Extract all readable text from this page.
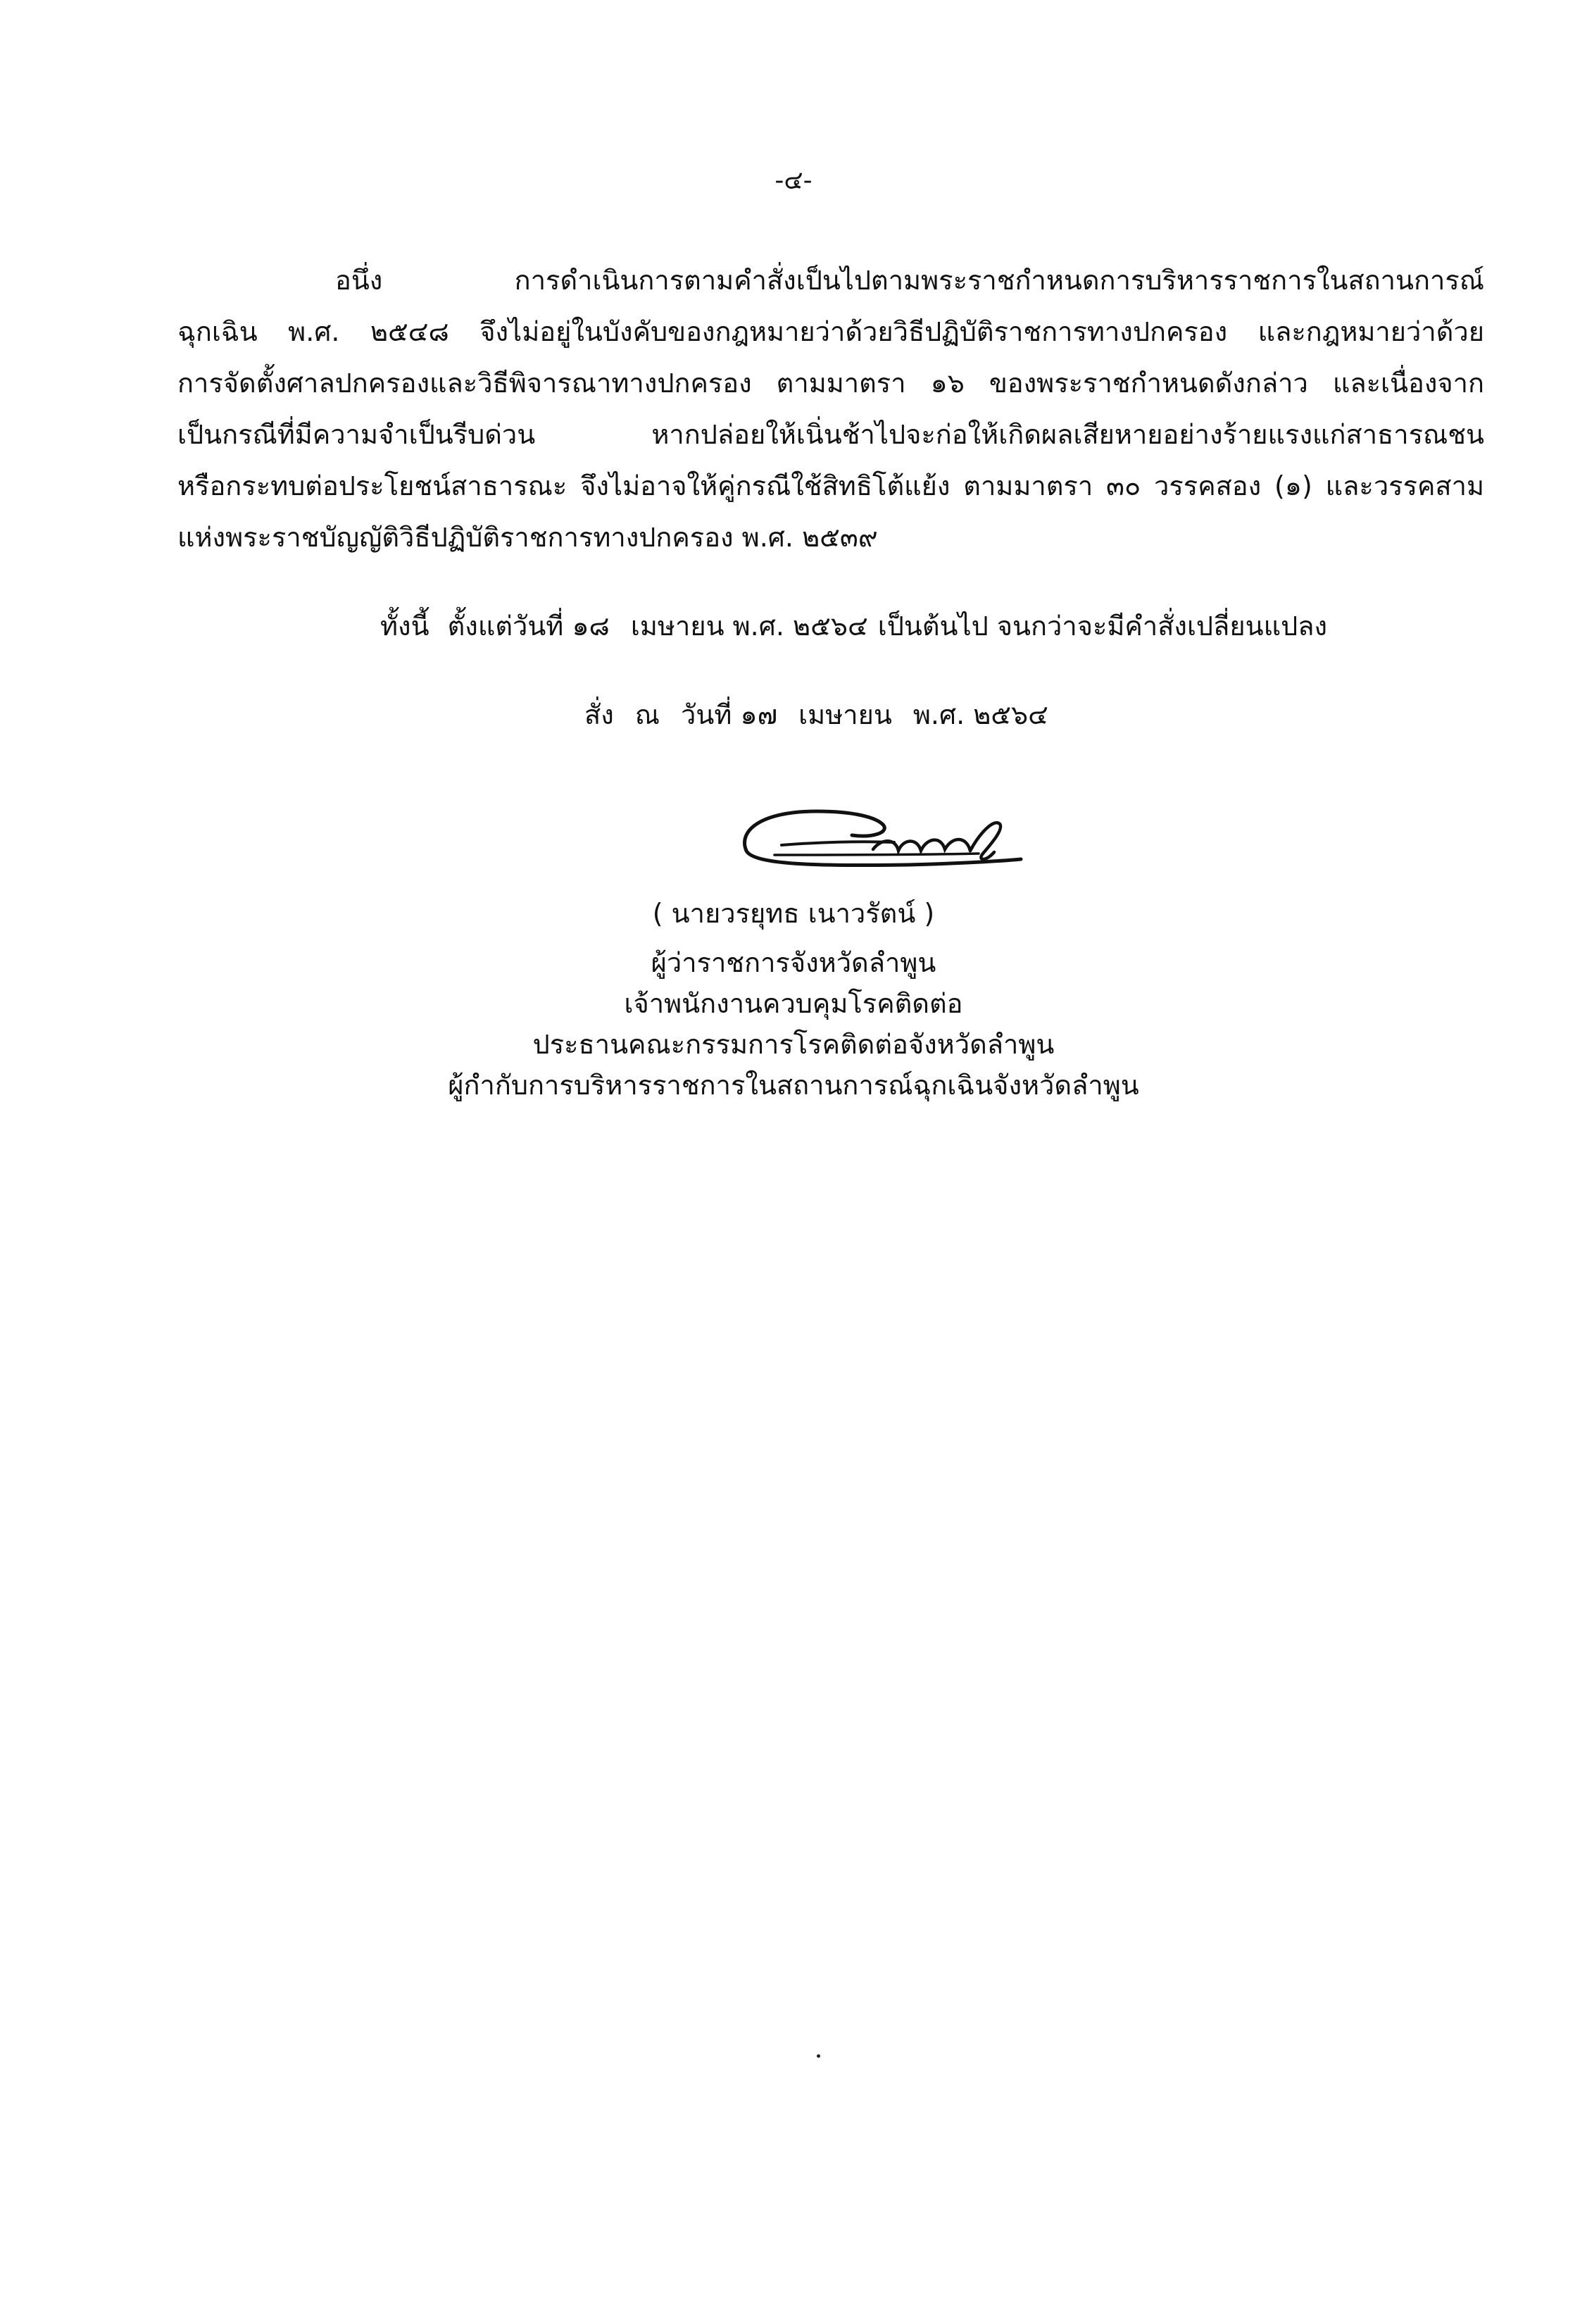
-๔-
อนึ่ง การดำเนินการตามคำสั่งเป็นไปตามพระราชกำหนดการบริหารราชการในสถานการณ์
ฉุกเฉิน พ.ศ. ๒๕๔๘ จึงไม่อยู่ในบังคับของกฎหมายว่าด้วยวิธีปฏิบัติราชการทางปกครอง และกฎหมายว่าด้วย
การจัดตั้งศาลปกครองและวิธีพิจารณาทางปกครอง ตามมาตรา ๑๖ ของพระราชกำหนดดังกล่าว และเนื่องจาก
เป็นกรณีที่มีความจำเป็นรีบด่วน หากปล่อยให้เนิ่นช้าไปจะก่อให้เกิดผลเสียหายอย่างร้ายแรงแก่สาธารณชน
หรือกระทบต่อประโยชน์สาธารณะ จึงไม่อาจให้คู่กรณีใช้สิทธิโต้แย้ง ตามมาตรา ๓๐ วรรคสอง (๑) และวรรคสาม
แห่งพระราชบัญญัติวิธีปฏิบัติราชการทางปกครอง พ.ศ. ๒๕๓๙
ทั้งนี้ ตั้งแต่วันที่ ๑๘ เมษายน พ.ศ. ๒๕๖๔ เป็นต้นไป จนกว่าจะมีคำสั่งเปลี่ยนแปลง
สั่ง ณ วันที่ ๑๗ เมษายน พ.ศ. ๒๕๖๔
( นายวรยุทธ เนาวรัตน์ )
ผู้ว่าราชการจังหวัดลำพูน
เจ้าพนักงานควบคุมโรคติดต่อ
ประธานคณะกรรมการโรคติดต่อจังหวัดลำพูน
ผู้กำกับการบริหารราชการในสถานการณ์ฉุกเฉินจังหวัดลำพูน
